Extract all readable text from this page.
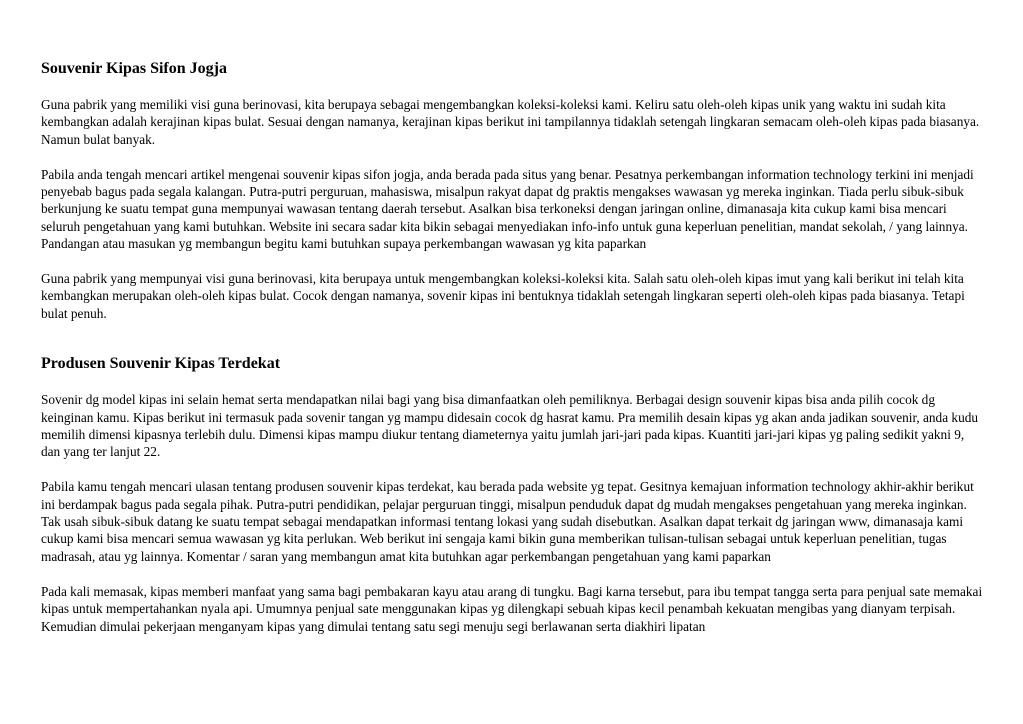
Souvenir Kipas Sifon Jogja

Guna pabrik yang memiliki visi guna berinovasi, kita berupaya sebagai mengembangkan koleksi-koleksi kami. Keliru satu oleh-oleh kipas unik yang waktu ini sudah kita kembangkan adalah kerajinan kipas bulat. Sesuai dengan namanya, kerajinan kipas berikut ini tampilannya tidaklah setengah lingkaran semacam oleh-oleh kipas pada biasanya. Namun bulat banyak.

Pabila anda tengah mencari artikel mengenai souvenir kipas sifon jogja, anda berada pada situs yang benar. Pesatnya perkembangan information technology terkini ini menjadi penyebab bagus pada segala kalangan. Putra-putri perguruan, mahasiswa, misalpun rakyat dapat dg praktis mengakses wawasan yg mereka inginkan. Tiada perlu sibuk-sibuk berkunjung ke suatu tempat guna mempunyai wawasan tentang daerah tersebut. Asalkan bisa terkoneksi dengan jaringan online, dimanasaja kita cukup kami bisa mencari seluruh pengetahuan yang kami butuhkan. Website ini secara sadar kita bikin sebagai menyediakan info-info untuk guna keperluan penelitian, mandat sekolah, / yang lainnya. Pandangan atau masukan yg membangun begitu kami butuhkan supaya perkembangan wawasan yg kita paparkan

Guna pabrik yang mempunyai visi guna berinovasi, kita berupaya untuk mengembangkan koleksi-koleksi kita. Salah satu oleh-oleh kipas imut yang kali berikut ini telah kita kembangkan merupakan oleh-oleh kipas bulat. Cocok dengan namanya, sovenir kipas ini bentuknya tidaklah setengah lingkaran seperti oleh-oleh kipas pada biasanya. Tetapi bulat penuh.

Produsen Souvenir Kipas Terdekat

Sovenir dg model kipas ini selain hemat serta mendapatkan nilai bagi yang bisa dimanfaatkan oleh pemiliknya. Berbagai design souvenir kipas bisa anda pilih cocok dg keinginan kamu. Kipas berikut ini termasuk pada sovenir tangan yg mampu didesain cocok dg hasrat kamu. Pra memilih desain kipas yg akan anda jadikan souvenir, anda kudu memilih dimensi kipasnya terlebih dulu. Dimensi kipas mampu diukur tentang diameternya yaitu jumlah jari-jari pada kipas. Kuantiti jari-jari kipas yg paling sedikit yakni 9, dan yang ter lanjut 22.

Pabila kamu tengah mencari ulasan tentang produsen souvenir kipas terdekat, kau berada pada website yg tepat. Gesitnya kemajuan information technology akhir-akhir berikut ini berdampak bagus pada segala pihak. Putra-putri pendidikan, pelajar perguruan tinggi, misalpun penduduk dapat dg mudah mengakses pengetahuan yang mereka inginkan. Tak usah sibuk-sibuk datang ke suatu tempat sebagai mendapatkan informasi tentang lokasi yang sudah disebutkan. Asalkan dapat terkait dg jaringan www, dimanasaja kami cukup kami bisa mencari semua wawasan yg kita perlukan. Web berikut ini sengaja kami bikin guna memberikan tulisan-tulisan sebagai untuk keperluan penelitian, tugas madrasah, atau yg lainnya. Komentar / saran yang membangun amat kita butuhkan agar perkembangan pengetahuan yang kami paparkan

Pada kali memasak, kipas memberi manfaat yang sama bagi pembakaran kayu atau arang di tungku. Bagi karna tersebut, para ibu tempat tangga serta para penjual sate memakai kipas untuk mempertahankan nyala api. Umumnya penjual sate menggunakan kipas yg dilengkapi sebuah kipas kecil penambah kekuatan mengibas yang dianyam terpisah. Kemudian dimulai pekerjaan menganyam kipas yang dimulai tentang satu segi menuju segi berlawanan serta diakhiri lipatan
